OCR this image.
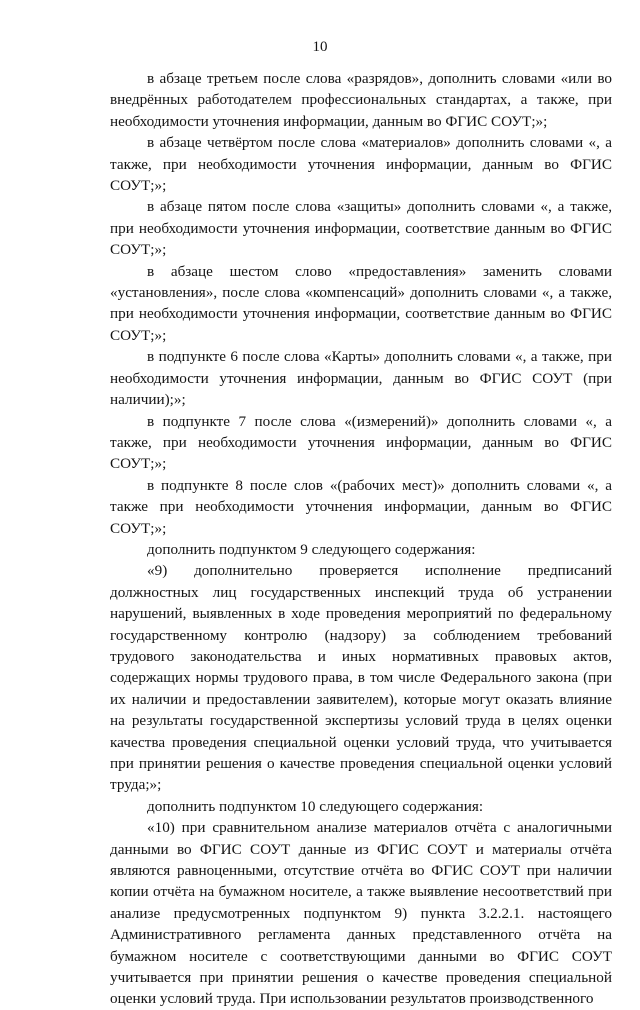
10

в абзаце третьем после слова «разрядов», дополнить словами «или во внедрённых работодателем профессиональных стандартах, а также, при необходимости уточнения информации, данным во ФГИС СОУТ;»;

в абзаце четвёртом после слова «материалов» дополнить словами «, а также, при необходимости уточнения информации, данным во ФГИС СОУТ;»;

в абзаце пятом после слова «защиты» дополнить словами «, а также, при необходимости уточнения информации, соответствие данным во ФГИС СОУТ;»;

в абзаце шестом слово «предоставления» заменить словами «установления», после слова «компенсаций» дополнить словами «, а также, при необходимости уточнения информации, соответствие данным во ФГИС СОУТ;»;

в подпункте 6 после слова «Карты» дополнить словами «, а также, при необходимости уточнения информации, данным во ФГИС СОУТ (при наличии);»;

в подпункте 7 после слова «(измерений)» дополнить словами «, а также, при необходимости уточнения информации, данным во ФГИС СОУТ;»;

в подпункте 8 после слов «(рабочих мест)» дополнить словами «, а также при необходимости уточнения информации, данным во ФГИС СОУТ;»;

дополнить подпунктом 9 следующего содержания:

«9) дополнительно проверяется исполнение предписаний должностных лиц государственных инспекций труда об устранении нарушений, выявленных в ходе проведения мероприятий по федеральному государственному контролю (надзору) за соблюдением требований трудового законодательства и иных нормативных правовых актов, содержащих нормы трудового права, в том числе Федерального закона (при их наличии и предоставлении заявителем), которые могут оказать влияние на результаты государственной экспертизы условий труда в целях оценки качества проведения специальной оценки условий труда, что учитывается при принятии решения о качестве проведения специальной оценки условий труда;»;

дополнить подпунктом 10 следующего содержания:

«10) при сравнительном анализе материалов отчёта с аналогичными данными во ФГИС СОУТ данные из ФГИС СОУТ и материалы отчёта являются равноценными, отсутствие отчёта во ФГИС СОУТ при наличии копии отчёта на бумажном носителе, а также выявление несоответствий при анализе предусмотренных подпунктом 9) пункта 3.2.2.1. настоящего Административного регламента данных представленного отчёта на бумажном носителе с соответствующими данными во ФГИС СОУТ учитывается при принятии решения о качестве проведения специальной оценки условий труда. При использовании результатов производственного
